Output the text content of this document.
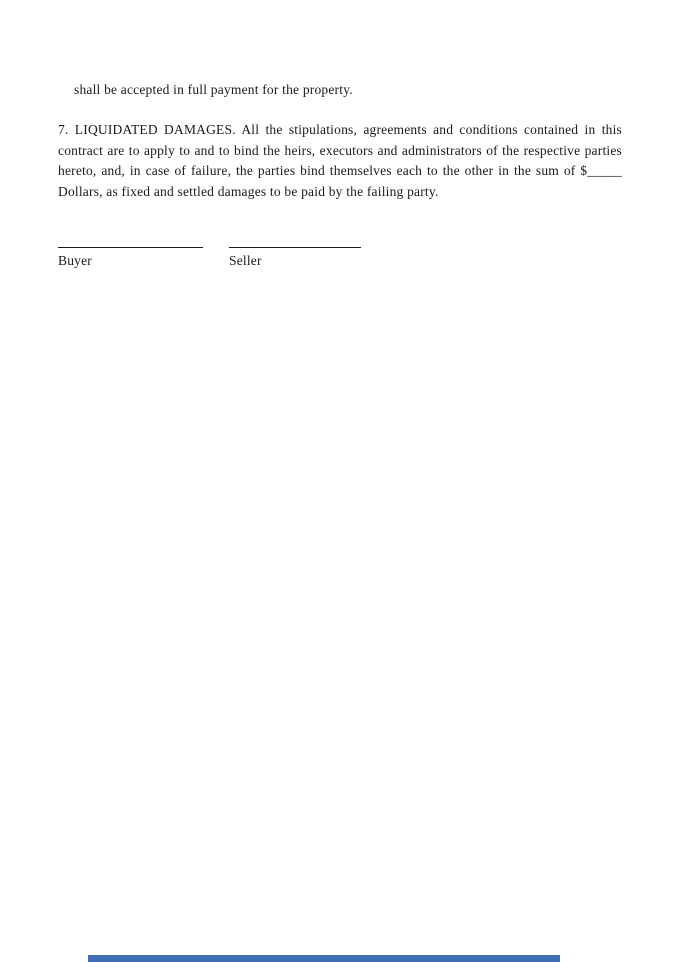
shall be accepted in full payment for the property.

7. LIQUIDATED DAMAGES. All the stipulations, agreements and conditions contained in this contract are to apply to and to bind the heirs, executors and administrators of the respective parties hereto, and, in case of failure, the parties bind themselves each to the other in the sum of $_____ Dollars, as fixed and settled damages to be paid by the failing party.

Buyer	Seller
